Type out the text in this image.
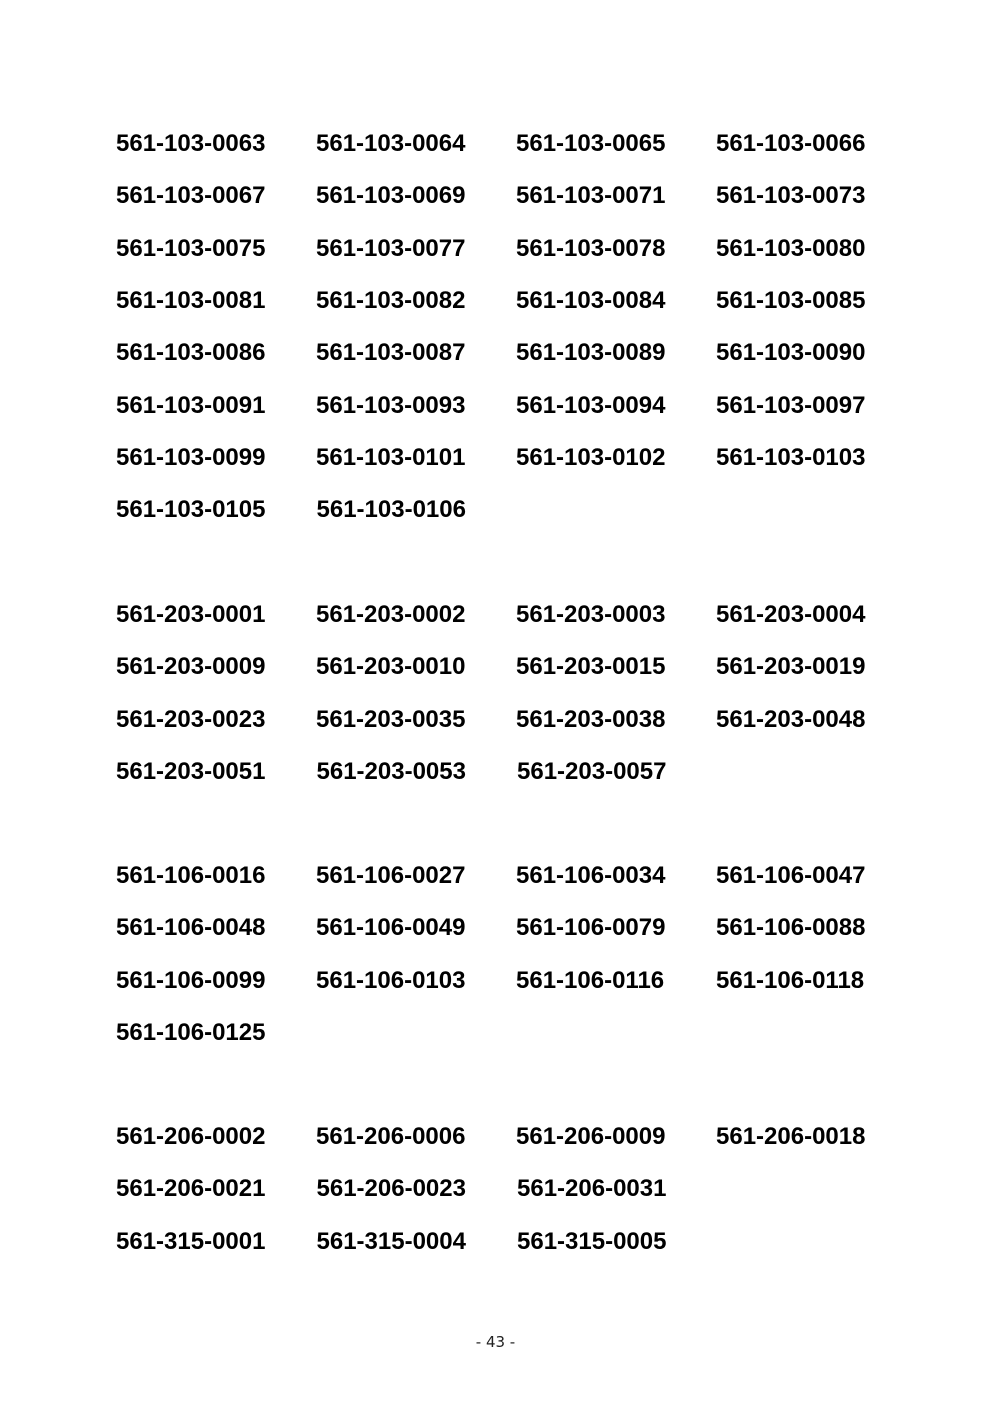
561-103-0063	561-103-0064	561-103-0065	561-103-0066
561-103-0067	561-103-0069	561-103-0071	561-103-0073
561-103-0075	561-103-0077	561-103-0078	561-103-0080
561-103-0081	561-103-0082	561-103-0084	561-103-0085
561-103-0086	561-103-0087	561-103-0089	561-103-0090
561-103-0091	561-103-0093	561-103-0094	561-103-0097
561-103-0099	561-103-0101	561-103-0102	561-103-0103
561-103-0105	561-103-0106
561-203-0001	561-203-0002	561-203-0003	561-203-0004
561-203-0009	561-203-0010	561-203-0015	561-203-0019
561-203-0023	561-203-0035	561-203-0038	561-203-0048
561-203-0051	561-203-0053	561-203-0057
561-106-0016	561-106-0027	561-106-0034	561-106-0047
561-106-0048	561-106-0049	561-106-0079	561-106-0088
561-106-0099	561-106-0103	561-106-0116	561-106-0118
561-106-0125
561-206-0002	561-206-0006	561-206-0009	561-206-0018
561-206-0021	561-206-0023	561-206-0031
561-315-0001	561-315-0004	561-315-0005
- 43 -
